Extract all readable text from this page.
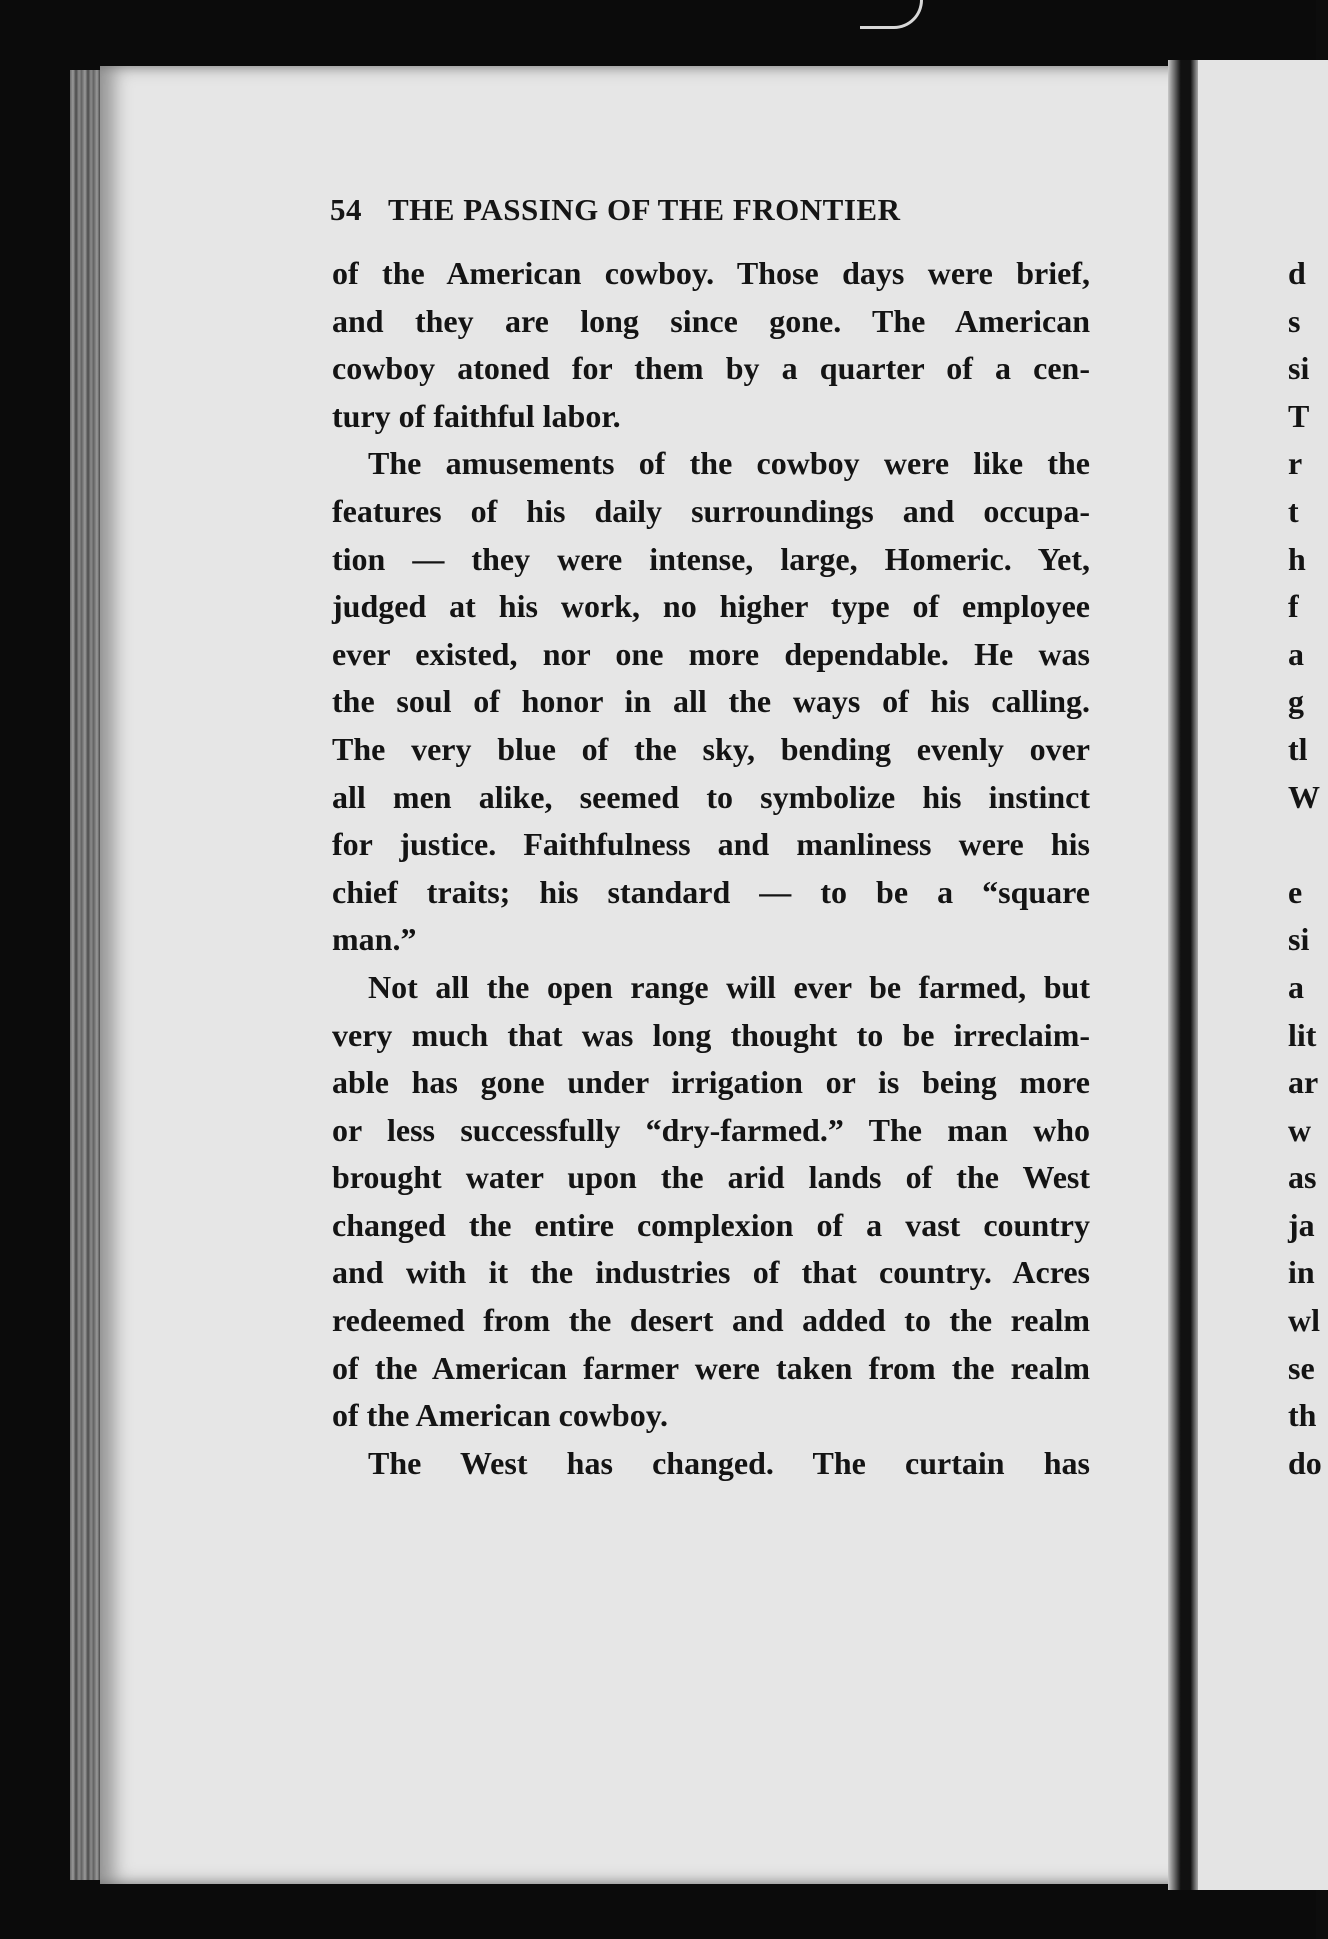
54 THE PASSING OF THE FRONTIER
of the American cowboy. Those days were brief,
and they are long since gone. The American
cowboy atoned for them by a quarter of a cen-
tury of faithful labor.
The amusements of the cowboy were like the
features of his daily surroundings and occupa-
tion — they were intense, large, Homeric. Yet,
judged at his work, no higher type of employee
ever existed, nor one more dependable. He was
the soul of honor in all the ways of his calling.
The very blue of the sky, bending evenly over
all men alike, seemed to symbolize his instinct
for justice. Faithfulness and manliness were his
chief traits; his standard — to be a “square
man.”
Not all the open range will ever be farmed, but
very much that was long thought to be irreclaim-
able has gone under irrigation or is being more
or less successfully “dry-farmed.” The man who
brought water upon the arid lands of the West
changed the entire complexion of a vast country
and with it the industries of that country. Acres
redeemed from the desert and added to the realm
of the American farmer were taken from the realm
of the American cowboy.
The West has changed. The curtain has
d
s
si
T
r
t
h
f
a
g
tl
W
e
si
a
lit
ar
w
as
ja
in
wl
se
th
do
